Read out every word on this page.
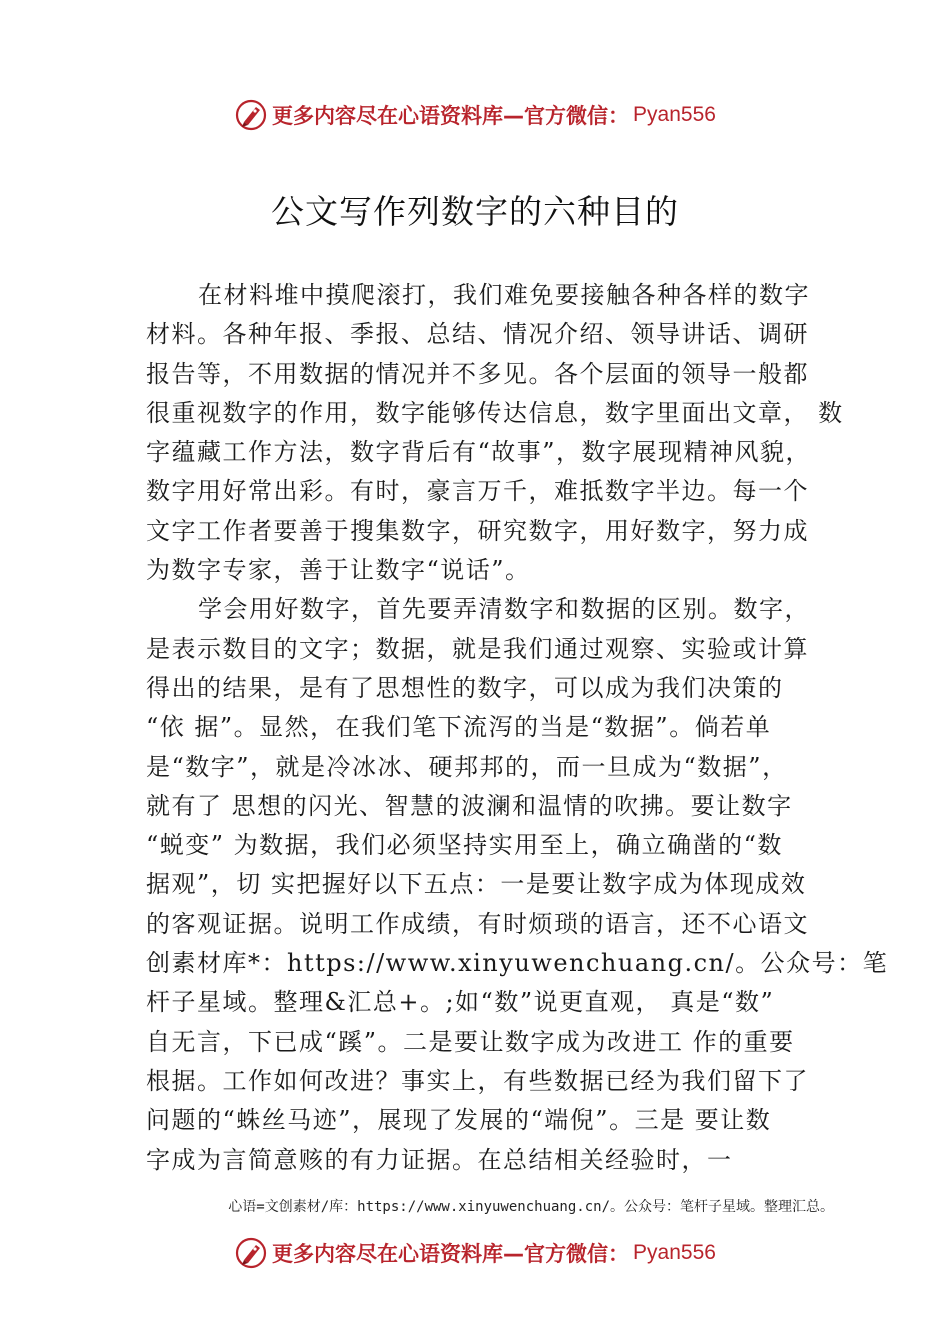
更多内容尽在心语资料库—官方微信： Pyan556
公文写作列数字的六种目的
在材料堆中摸爬滚打，我们难免要接触各种各样的数字
材料。各种年报、季报、总结、情况介绍、领导讲话、调研
报告等，不用数据的情况并不多见。各个层面的领导一般都
很重视数字的作用，数字能够传达信息，数字里面出文章， 数
字蕴藏工作方法，数字背后有“故事”，数字展现精神风貌，
数字用好常出彩。有时，豪言万千，难抵数字半边。每一个
文字工作者要善于搜集数字，研究数字，用好数字，努力成
为数字专家，善于让数字“说话”。
学会用好数字，首先要弄清数字和数据的区别。数字，
是表示数目的文字；数据，就是我们通过观察、实验或计算
得出的结果，是有了思想性的数字，可以成为我们决策的
“依 据”。显然，在我们笔下流泻的当是“数据”。倘若单
是“数字”，就是冷冰冰、硬邦邦的，而一旦成为“数据”，
就有了 思想的闪光、智慧的波澜和温情的吹拂。要让数字
“蜕变” 为数据，我们必须坚持实用至上，确立确凿的“数
据观”，切 实把握好以下五点：一是要让数字成为体现成效
的客观证据。说明工作成绩，有时烦琐的语言，还不心语文
创素材库*：https://www.xinyuwenchuang.cn/。公众号：笔
杆子星域。整理&汇总+。;如“数”说更直观， 真是“数”
自无言，下已成“蹊”。二是要让数字成为改进工 作的重要
根据。工作如何改进？事实上，有些数据已经为我们留下了
问题的“蛛丝马迹”，展现了发展的“端倪”。三是 要让数
字成为言简意赅的有力证据。在总结相关经验时，一
心语=文创素材/库：https://www.xinyuwenchuang.cn/。公众号：笔杆子星域。整理汇总。
更多内容尽在心语资料库—官方微信： Pyan556
